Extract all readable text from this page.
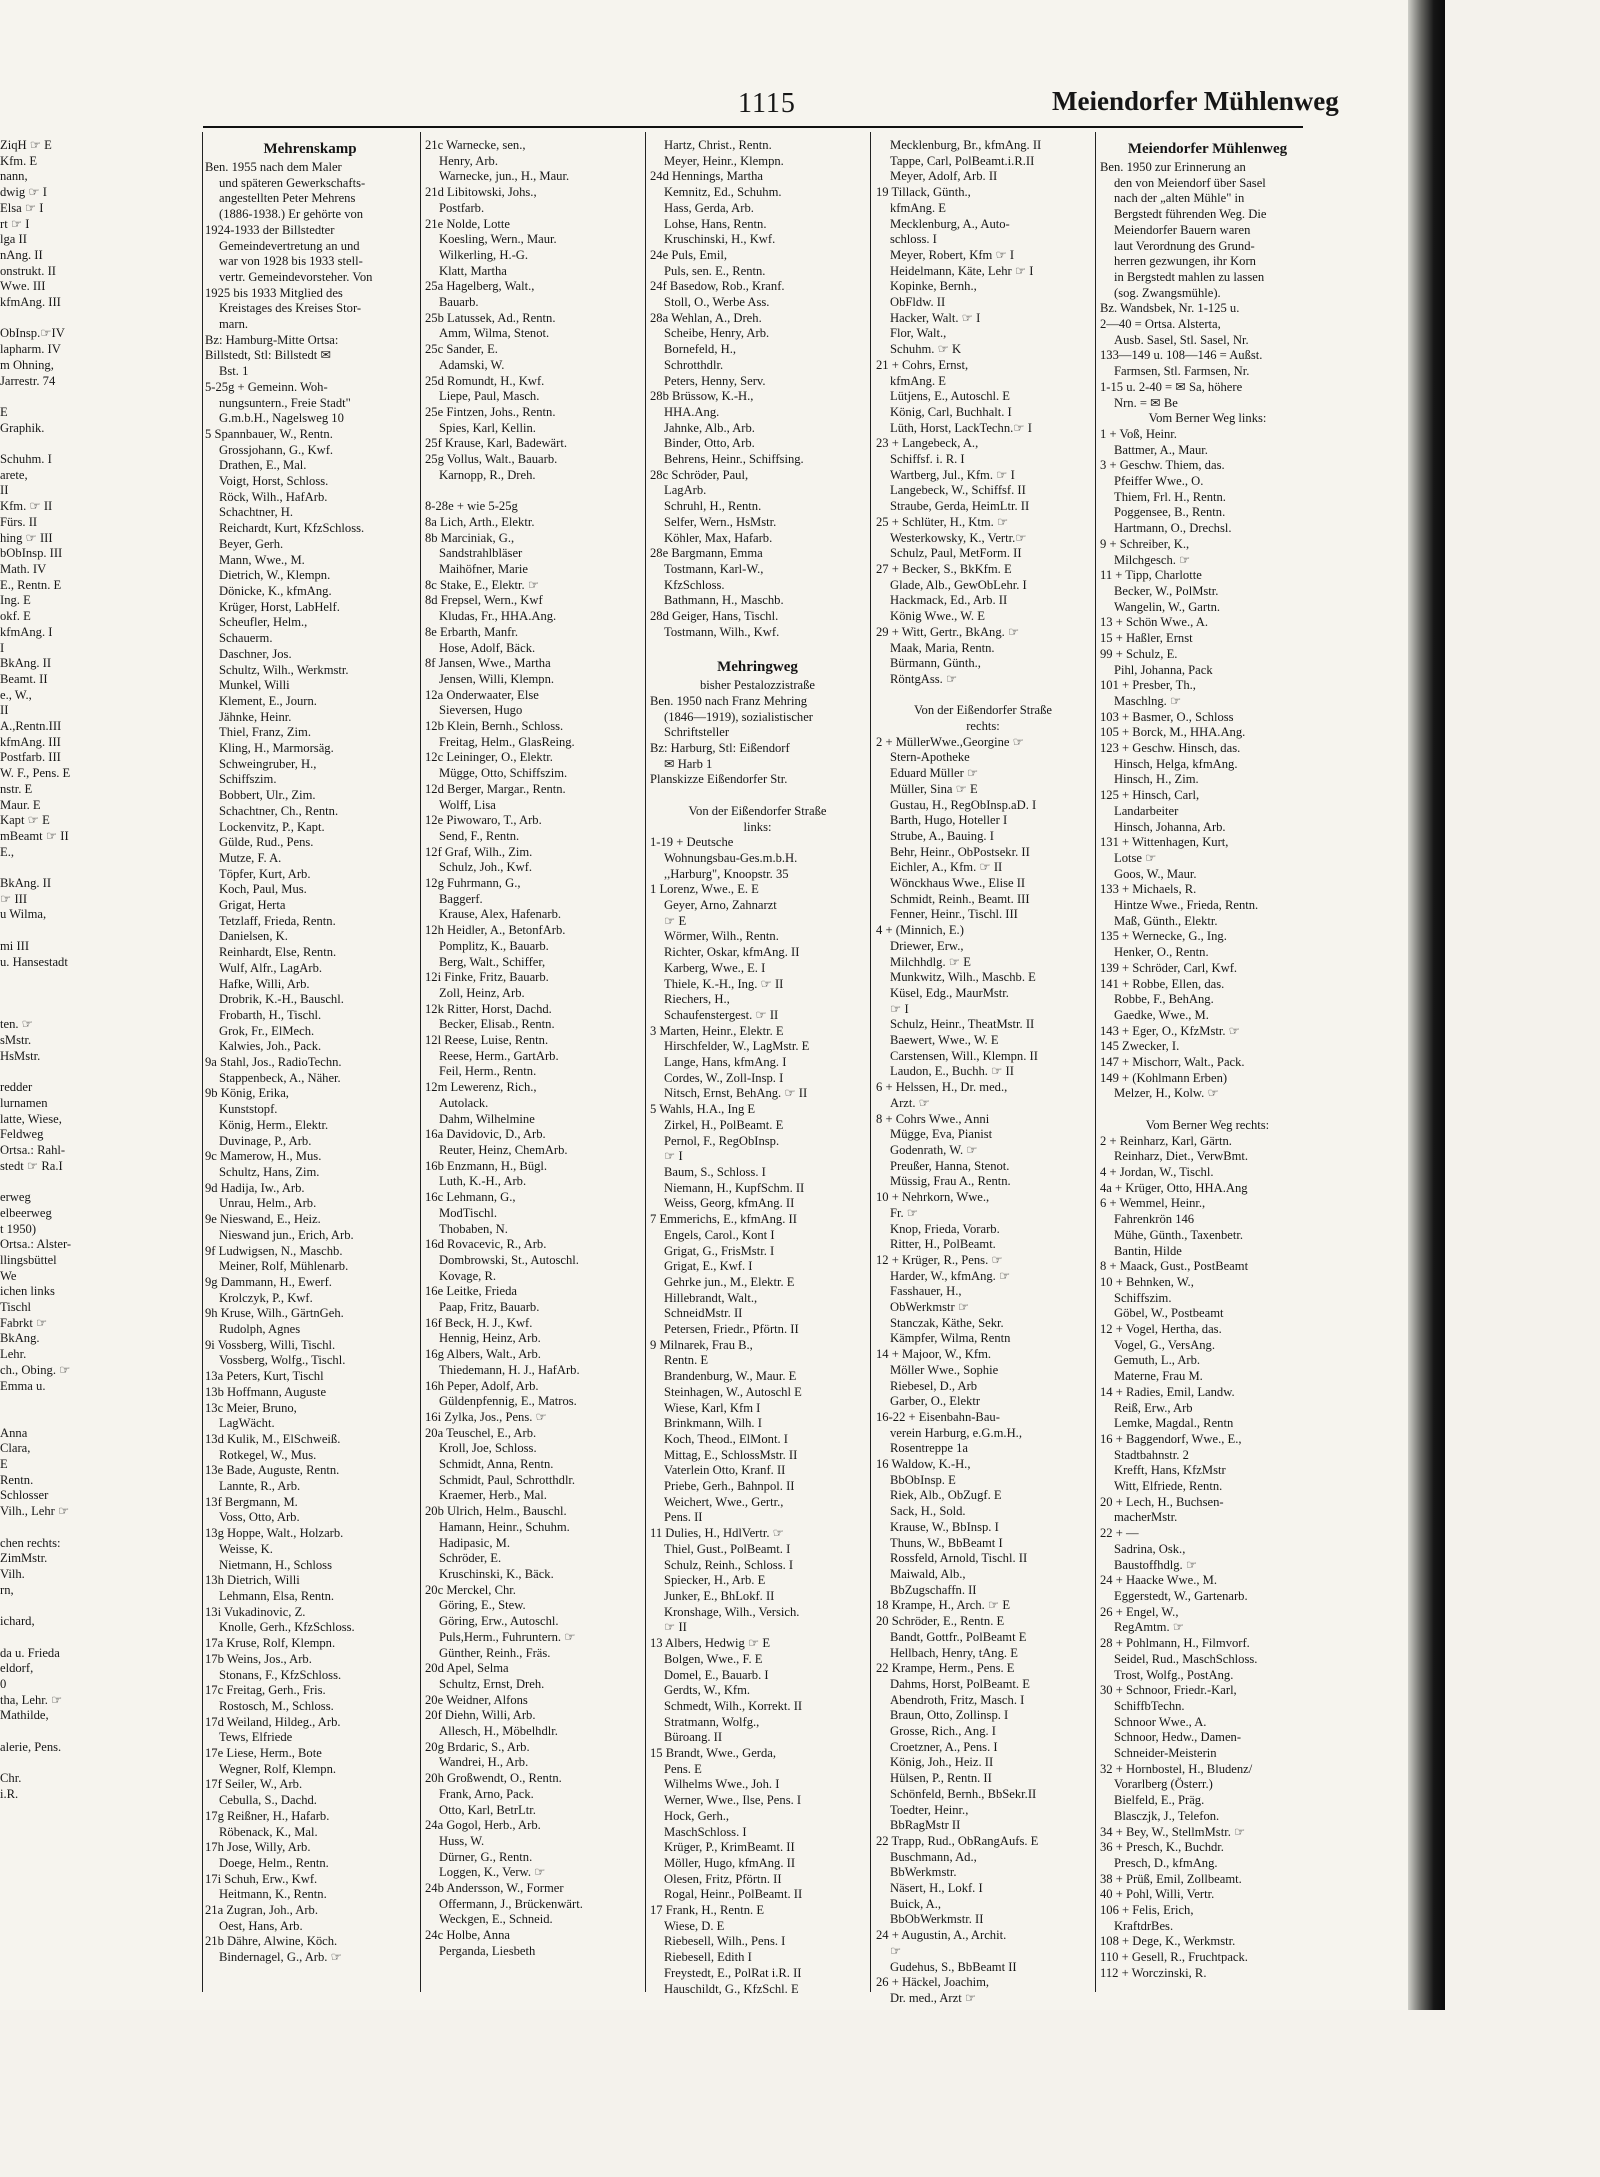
1115	Meiendorfer Mühlenweg
ZiqH ☞ E
Kfm. E
nann,
dwig ☞ I
Elsa ☞ I
rt ☞ I
lga II
nAng. II
onstrukt. II
Wwe. III
kfmAng. III

ObInsp.☞IV
lapharm. IV
m Ohning,
Jarrestr. 74

E
Graphik.

Schuhm. I
arete,
II
Kfm. ☞ II
Fürs. II
hing ☞ III
bObInsp. III
Math. IV
E., Rentn. E
Ing. E
okf. E
kfmAng. I
I
BkAng. II
Beamt. II
e., W.,
II
A.,Rentn.III
kfmAng. III
Postfarb. III
W. F., Pens. E
nstr. E
Maur. E
Kapt ☞ E
mBeamt ☞ II
E.,

BkAng. II
☞ III
u Wilma,

mi III
u. Hansestadt

ten. ☞
sMstr.
HsMstr.

redder
lurnamen
latte, Wiese,
Feldweg
Ortsa.: Rahl-
stedt ☞ Ra.I

erweg
elbeerweg
t 1950)
Ortsa.: Alster-
llingsbüttel
We
ichen links
Tischl
Fabrkt ☞
BkAng.
Lehr.
ch., Obing. ☞
Emma u.

Anna
Clara,
E
Rentn.
Schlosser
Vilh., Lehr ☞

chen rechts:
ZimMstr.
Vilh.
rn,

ichard,

da u. Frieda
eldorf,
0
tha, Lehr. ☞
Mathilde,

alerie, Pens.

Chr.
i.R.
Mehrenskamp
Ben. 1955 nach dem Maler
und späteren Gewerkschafts-
angestellten Peter Mehrens
(1886-1938.) Er gehörte von
1924-1933 der Billstedter
Gemeindevertretung an und
war von 1928 bis 1933 stell-
vertr. Gemeindevorsteher. Von
1925 bis 1933 Mitglied des
Kreistages des Kreises Stor-
marn.
Bz: Hamburg-Mitte Ortsa:
Billstedt, Stl: Billstedt ✉
Bst. 1
5-25g + Gemeinn. Woh-
nungsuntern., Freie Stadt"
G.m.b.H., Nagelsweg 10
5 Spannbauer, W., Rentn.
Grossjohann, G., Kwf.
Drathen, E., Mal.
Voigt, Horst, Schloss.
Röck, Wilh., HafArb.
Schachtner, H.
Reichardt, Kurt, KfzSchloss.
Beyer, Gerh.
Mann, Wwe., M.
Dietrich, W., Klempn.
Dönicke, K., kfmAng.
Krüger, Horst, LabHelf.
Scheufler, Helm.,
Schauerm.
Daschner, Jos.
Schultz, Wilh., Werkmstr.
Munkel, Willi
Klement, E., Journ.
Jähnke, Heinr.
Thiel, Franz, Zim.
Kling, H., Marmorsäg.
Schweingruber, H.,
Schiffszim.
Bobbert, Ulr., Zim.
Schachtner, Ch., Rentn.
Lockenvitz, P., Kapt.
Gülde, Rud., Pens.
Mutze, F. A.
Töpfer, Kurt, Arb.
Koch, Paul, Mus.
Grigat, Herta
Tetzlaff, Frieda, Rentn.
Danielsen, K.
Reinhardt, Else, Rentn.
Wulf, Alfr., LagArb.
Hafke, Willi, Arb.
Drobrik, K.-H., Bauschl.
Frobarth, H., Tischl.
Grok, Fr., ElMech.
Kalwies, Joh., Pack.
9a Stahl, Jos., RadioTechn.
Stappenbeck, A., Näher.
9b König, Erika,
Kunststopf.
König, Herm., Elektr.
Duvinage, P., Arb.
9c Mamerow, H., Mus.
Schultz, Hans, Zim.
9d Hadija, Iw., Arb.
Unrau, Helm., Arb.
9e Nieswand, E., Heiz.
Nieswand jun., Erich, Arb.
9f Ludwigsen, N., Maschb.
Meiner, Rolf, Mühlenarb.
9g Dammann, H., Ewerf.
Krolczyk, P., Kwf.
9h Kruse, Wilh., GärtnGeh.
Rudolph, Agnes
9i Vossberg, Willi, Tischl.
Vossberg, Wolfg., Tischl.
13a Peters, Kurt, Tischl
13b Hoffmann, Auguste
13c Meier, Bruno,
LagWächt.
13d Kulik, M., ElSchweiß.
Rotkegel, W., Mus.
13e Bade, Auguste, Rentn.
Lannte, R., Arb.
13f Bergmann, M.
Voss, Otto, Arb.
13g Hoppe, Walt., Holzarb.
Weisse, K.
Nietmann, H., Schloss
13h Dietrich, Willi
Lehmann, Elsa, Rentn.
13i Vukadinovic, Z.
Knolle, Gerh., KfzSchloss.
17a Kruse, Rolf, Klempn.
17b Weins, Jos., Arb.
Stonans, F., KfzSchloss.
17c Freitag, Gerh., Fris.
Rostosch, M., Schloss.
17d Weiland, Hildeg., Arb.
Tews, Elfriede
17e Liese, Herm., Bote
Wegner, Rolf, Klempn.
17f Seiler, W., Arb.
Cebulla, S., Dachd.
17g Reißner, H., Hafarb.
Röbenack, K., Mal.
17h Jose, Willy, Arb.
Doege, Helm., Rentn.
17i Schuh, Erw., Kwf.
Heitmann, K., Rentn.
21a Zugran, Joh., Arb.
Oest, Hans, Arb.
21b Dähre, Alwine, Köch.
Bindernagel, G., Arb. ☞
21c Warnecke, sen.,
Henry, Arb.
Warnecke, jun., H., Maur.
21d Libitowski, Johs.,
Postfarb.
21e Nolde, Lotte
Koesling, Wern., Maur.
Wilkerling, H.-G.
Klatt, Martha
25a Hagelberg, Walt.,
Bauarb.
25b Latussek, Ad., Rentn.
Amm, Wilma, Stenot.
25c Sander, E.
Adamski, W.
25d Romundt, H., Kwf.
Liepe, Paul, Masch.
25e Fintzen, Johs., Rentn.
Spies, Karl, Kellin.
25f Krause, Karl, Badewärt.
25g Vollus, Walt., Bauarb.
Karnopp, R., Dreh.

8-28e + wie 5-25g
8a Lich, Arth., Elektr.
8b Marciniak, G.,
Sandstrahlbläser
Maihöfner, Marie
8c Stake, E., Elektr. ☞
8d Frepsel, Wern., Kwf
Kludas, Fr., HHA.Ang.
8e Erbarth, Manfr.
Hose, Adolf, Bäck.
8f Jansen, Wwe., Martha
Jensen, Willi, Klempn.
12a Onderwaater, Else
Sieversen, Hugo
12b Klein, Bernh., Schloss.
Freitag, Helm., GlasReing.
12c Leininger, O., Elektr.
Mügge, Otto, Schiffszim.
12d Berger, Margar., Rentn.
Wolff, Lisa
12e Piwowaro, T., Arb.
Send, F., Rentn.
12f Graf, Wilh., Zim.
Schulz, Joh., Kwf.
12g Fuhrmann, G.,
Baggerf.
Krause, Alex, Hafenarb.
12h Heidler, A., BetonfArb.
Pomplitz, K., Bauarb.
Berg, Walt., Schiffer,
12i Finke, Fritz, Bauarb.
Zoll, Heinz, Arb.
12k Ritter, Horst, Dachd.
Becker, Elisab., Rentn.
12l Reese, Luise, Rentn.
Reese, Herm., GartArb.
Feil, Herm., Rentn.
12m Lewerenz, Rich.,
Autolack.
Dahm, Wilhelmine
16a Davidovic, D., Arb.
Reuter, Heinz, ChemArb.
16b Enzmann, H., Bügl.
Luth, K.-H., Arb.
16c Lehmann, G.,
ModTischl.
Thobaben, N.
16d Rovacevic, R., Arb.
Dombrowski, St., Autoschl.
Kovage, R.
16e Leitke, Frieda
Paap, Fritz, Bauarb.
16f Beck, H. J., Kwf.
Hennig, Heinz, Arb.
16g Albers, Walt., Arb.
Thiedemann, H. J., HafArb.
16h Peper, Adolf, Arb.
Güldenpfennig, E., Matros.
16i Zylka, Jos., Pens. ☞
20a Teuschel, E., Arb.
Kroll, Joe, Schloss.
Schmidt, Anna, Rentn.
Schmidt, Paul, Schrotthdlr.
Kraemer, Herb., Mal.
20b Ulrich, Helm., Bauschl.
Hamann, Heinr., Schuhm.
Hadipasic, M.
Schröder, E.
Kruschinski, K., Bäck.
20c Merckel, Chr.
Göring, E., Stew.
Göring, Erw., Autoschl.
Puls,Herm., Fuhruntern. ☞
Günther, Reinh., Fräs.
20d Apel, Selma
Schultz, Ernst, Dreh.
20e Weidner, Alfons
20f Diehn, Willi, Arb.
Allesch, H., Möbelhdlr.
20g Brdaric, S., Arb.
Wandrei, H., Arb.
20h Großwendt, O., Rentn.
Frank, Arno, Pack.
Otto, Karl, BetrLtr.
24a Gogol, Herb., Arb.
Huss, W.
Dürner, G., Rentn.
Loggen, K., Verw. ☞
24b Andersson, W., Former
Offermann, J., Brückenwärt.
Weckgen, E., Schneid.
24c Holbe, Anna
Perganda, Liesbeth
Hartz, Christ., Rentn.
Meyer, Heinr., Klempn.
24d Hennings, Martha
Kemnitz, Ed., Schuhm.
Hass, Gerda, Arb.
Lohse, Hans, Rentn.
Kruschinski, H., Kwf.
24e Puls, Emil,
Puls, sen. E., Rentn.
24f Basedow, Rob., Kranf.
Stoll, O., Werbe Ass.
28a Wehlan, A., Dreh.
Scheibe, Henry, Arb.
Bornefeld, H.,
Schrotthdlr.
Peters, Henny, Serv.
28b Brüssow, K.-H.,
HHA.Ang.
Jahnke, Alb., Arb.
Binder, Otto, Arb.
Behrens, Heinr., Schiffsing.
28c Schröder, Paul,
LagArb.
Schruhl, H., Rentn.
Selfer, Wern., HsMstr.
Köhler, Max, Hafarb.
28e Bargmann, Emma
Tostmann, Karl-W.,
KfzSchloss.
Bathmann, H., Maschb.
28d Geiger, Hans, Tischl.
Tostmann, Wilh., Kwf.

Mehringweg
bisher Pestalozzistraße
Ben. 1950 nach Franz Mehring
(1846—1919), sozialistischer
Schriftsteller
Bz: Harburg, Stl: Eißendorf
✉ Harb 1
Planskizze Eißendorfer Str.

Von der Eißendorfer Straße
links:
1-19 + Deutsche
Wohnungsbau-Ges.m.b.H.
,,Harburg", Knoopstr. 35
1 Lorenz, Wwe., E. E
Geyer, Arno, Zahnarzt
☞ E
Wörmer, Wilh., Rentn.
Richter, Oskar, kfmAng. II
Karberg, Wwe., E. I
Thiele, K.-H., Ing. ☞ II
Riechers, H.,
Schaufenstergest. ☞ II
3 Marten, Heinr., Elektr. E
Hirschfelder, W., LagMstr. E
Lange, Hans, kfmAng. I
Cordes, W., Zoll-Insp. I
Nitsch, Ernst, BehAng. ☞ II
5 Wahls, H.A., Ing E
Zirkel, H., PolBeamt. E
Pernol, F., RegObInsp.
☞ I
Baum, S., Schloss. I
Niemann, H., KupfSchm. II
Weiss, Georg, kfmAng. II
7 Emmerichs, E., kfmAng. II
Engels, Carol., Kont I
Grigat, G., FrisMstr. I
Grigat, E., Kwf. I
Gehrke jun., M., Elektr. E
Hillebrandt, Walt.,
SchneidMstr. II
Petersen, Friedr., Pförtn. II
9 Milnarek, Frau B.,
Rentn. E
Brandenburg, W., Maur. E
Steinhagen, W., Autoschl E
Wiese, Karl, Kfm I
Brinkmann, Wilh. I
Koch, Theod., ElMont. I
Mittag, E., SchlossMstr. II
Vaterlein Otto, Kranf. II
Priebe, Gerh., Bahnpol. II
Weichert, Wwe., Gertr.,
Pens. II
11 Dulies, H., HdlVertr. ☞
Thiel, Gust., PolBeamt. I
Schulz, Reinh., Schloss. I
Spiecker, H., Arb. E
Junker, E., BhLokf. II
Kronshage, Wilh., Versich.
☞ II
13 Albers, Hedwig ☞ E
Bolgen, Wwe., F. E
Domel, E., Bauarb. I
Gerdts, W., Kfm.
Schmedt, Wilh., Korrekt. II
Stratmann, Wolfg.,
Büroang. II
15 Brandt, Wwe., Gerda,
Pens. E
Wilhelms Wwe., Joh. I
Werner, Wwe., Ilse, Pens. I
Hock, Gerh.,
MaschSchloss. I
Krüger, P., KrimBeamt. II
Möller, Hugo, kfmAng. II
Olesen, Fritz, Pförtn. II
Rogal, Heinr., PolBeamt. II
17 Frank, H., Rentn. E
Wiese, D. E
Riebesell, Wilh., Pens. I
Riebesell, Edith I
Freystedt, E., PolRat i.R. II
Hauschildt, G., KfzSchl. E
Mecklenburg, Br., kfmAng. II
Tappe, Carl, PolBeamt.i.R.II
Meyer, Adolf, Arb. II
19 Tillack, Günth.,
kfmAng. E
Mecklenburg, A., Auto-
schloss. I
Meyer, Robert, Kfm ☞ I
Heidelmann, Käte, Lehr ☞ I
Kopinke, Bernh.,
ObFldw. II
Hacker, Walt. ☞ I
Flor, Walt.,
Schuhm. ☞ K
21 + Cohrs, Ernst,
kfmAng. E
Lütjens, E., Autoschl. E
König, Carl, Buchhalt. I
Lüth, Horst, LackTechn.☞ I
23 + Langebeck, A.,
Schiffsf. i. R. I
Wartberg, Jul., Kfm. ☞ I
Langebeck, W., Schiffsf. II
Straube, Gerda, HeimLtr. II
25 + Schlüter, H., Ktm. ☞
Westerkowsky, K., Vertr.☞
Schulz, Paul, MetForm. II
27 + Becker, S., BkKfm. E
Glade, Alb., GewObLehr. I
Hackmack, Ed., Arb. II
König Wwe., W. E
29 + Witt, Gertr., BkAng. ☞
Maak, Maria, Rentn.
Bürmann, Günth.,
RöntgAss. ☞

Von der Eißendorfer Straße
rechts:
2 + MüllerWwe.,Georgine ☞
Stern-Apotheke
Eduard Müller ☞
Müller, Sina ☞ E
Gustau, H., RegObInsp.aD. I
Barth, Hugo, Hoteller I
Strube, A., Bauing. I
Behr, Heinr., ObPostsekr. II
Eichler, A., Kfm. ☞ II
Wönckhaus Wwe., Elise II
Schmidt, Reinh., Beamt. III
Fenner, Heinr., Tischl. III
4 + (Minnich, E.)
Driewer, Erw.,
Milchhdlg. ☞ E
Munkwitz, Wilh., Maschb. E
Küsel, Edg., MaurMstr.
☞ I
Schulz, Heinr., TheatMstr. II
Baewert, Wwe., W. E
Carstensen, Will., Klempn. II
Laudon, E., Buchh. ☞ II
6 + Helssen, H., Dr. med.,
Arzt. ☞
8 + Cohrs Wwe., Anni
Mügge, Eva, Pianist
Godenrath, W. ☞
Preußer, Hanna, Stenot.
Müssig, Frau A., Rentn.
10 + Nehrkorn, Wwe.,
Fr. ☞
Knop, Frieda, Vorarb.
Ritter, H., PolBeamt.
12 + Krüger, R., Pens. ☞
Harder, W., kfmAng. ☞
Fasshauer, H.,
ObWerkmstr ☞
Stanczak, Käthe, Sekr.
Kämpfer, Wilma, Rentn
14 + Majoor, W., Kfm.
Möller Wwe., Sophie
Riebesel, D., Arb
Garber, O., Elektr
16-22 + Eisenbahn-Bau-
verein Harburg, e.G.m.H.,
Rosentreppe 1a
16 Waldow, K.-H.,
BbObInsp. E
Riek, Alb., ObZugf. E
Sack, H., Sold.
Krause, W., BbInsp. I
Thuns, W., BbBeamt I
Rossfeld, Arnold, Tischl. II
Maiwald, Alb.,
BbZugschaffn. II
18 Krampe, H., Arch. ☞ E
20 Schröder, E., Rentn. E
Bandt, Gottfr., PolBeamt E
Hellbach, Henry, tAng. E
22 Krampe, Herm., Pens. E
Dahms, Horst, PolBeamt. E
Abendroth, Fritz, Masch. I
Braun, Otto, Zollinsp. I
Grosse, Rich., Ang. I
Croetzner, A., Pens. I
König, Joh., Heiz. II
Hülsen, P., Rentn. II
Schönfeld, Bernh., BbSekr.II
Toedter, Heinr.,
BbRagMstr II
22 Trapp, Rud., ObRangAufs. E
Buschmann, Ad.,
BbWerkmstr.
Näsert, H., Lokf. I
Buick, A.,
BbObWerkmstr. II
24 + Augustin, A., Archit.
☞
Gudehus, S., BbBeamt II
26 + Häckel, Joachim,
Dr. med., Arzt ☞
Meiendorfer Mühlenweg
Ben. 1950 zur Erinnerung an
den von Meiendorf über Sasel
nach der „alten Mühle" in
Bergstedt führenden Weg. Die
Meiendorfer Bauern waren
laut Verordnung des Grund-
herren gezwungen, ihr Korn
in Bergstedt mahlen zu lassen
(sog. Zwangsmühle).
Bz. Wandsbek, Nr. 1-125 u.
2—40 = Ortsa. Alsterta,
Ausb. Sasel, Stl. Sasel, Nr.
133—149 u. 108—146 = Außst.
Farmsen, Stl. Farmsen, Nr.
1-15 u. 2-40 = ✉ Sa, höhere
Nrn. = ✉ Be
Vom Berner Weg links:
1 + Voß, Heinr.
Battmer, A., Maur.
3 + Geschw. Thiem, das.
Pfeiffer Wwe., O.
Thiem, Frl. H., Rentn.
Poggensee, B., Rentn.
Hartmann, O., Drechsl.
9 + Schreiber, K.,
Milchgesch. ☞
11 + Tipp, Charlotte
Becker, W., PolMstr.
Wangelin, W., Gartn.
13 + Schön Wwe., A.
15 + Haßler, Ernst
99 + Schulz, E.
Pihl, Johanna, Pack
101 + Presber, Th.,
Maschlng. ☞
103 + Basmer, O., Schloss
105 + Borck, M., HHA.Ang.
123 + Geschw. Hinsch, das.
Hinsch, Helga, kfmAng.
Hinsch, H., Zim.
125 + Hinsch, Carl,
Landarbeiter
Hinsch, Johanna, Arb.
131 + Wittenhagen, Kurt,
Lotse ☞
Goos, W., Maur.
133 + Michaels, R.
Hintze Wwe., Frieda, Rentn.
Maß, Günth., Elektr.
135 + Wernecke, G., Ing.
Henker, O., Rentn.
139 + Schröder, Carl, Kwf.
141 + Robbe, Ellen, das.
Robbe, F., BehAng.
Gaedke, Wwe., M.
143 + Eger, O., KfzMstr. ☞
145 Zwecker, I.
147 + Mischorr, Walt., Pack.
149 + (Kohlmann Erben)
Melzer, H., Kolw. ☞

Vom Berner Weg rechts:
2 + Reinharz, Karl, Gärtn.
Reinharz, Diet., VerwBmt.
4 + Jordan, W., Tischl.
4a + Krüger, Otto, HHA.Ang
6 + Wemmel, Heinr.,
Fahrenkrön 146
Mühe, Günth., Taxenbetr.
Bantin, Hilde
8 + Maack, Gust., PostBeamt
10 + Behnken, W.,
Schiffszim.
Göbel, W., Postbeamt
12 + Vogel, Hertha, das.
Vogel, G., VersAng.
Gemuth, L., Arb.
Materne, Frau M.
14 + Radies, Emil, Landw.
Reiß, Erw., Arb
Lemke, Magdal., Rentn
16 + Baggendorf, Wwe., E.,
Stadtbahnstr. 2
Krefft, Hans, KfzMstr
Witt, Elfriede, Rentn.
20 + Lech, H., Buchsen-
macherMstr.
22 + —
Sadrina, Osk.,
Baustoffhdlg. ☞
24 + Haacke Wwe., M.
Eggerstedt, W., Gartenarb.
26 + Engel, W.,
RegAmtm. ☞
28 + Pohlmann, H., Filmvorf.
Seidel, Rud., MaschSchloss.
Trost, Wolfg., PostAng.
30 + Schnoor, Friedr.-Karl,
SchiffbTechn.
Schnoor Wwe., A.
Schnoor, Hedw., Damen-
Schneider-Meisterin
32 + Hornbostel, H., Bludenz/
Vorarlberg (Österr.)
Bielfeld, E., Präg.
Blasczjk, J., Telefon.
34 + Bey, W., StellmMstr. ☞
36 + Presch, K., Buchdr.
Presch, D., kfmAng.
38 + Prüß, Emil, Zollbeamt.
40 + Pohl, Willi, Vertr.
106 + Felis, Erich,
KraftdrBes.
108 + Dege, K., Werkmstr.
110 + Gesell, R., Fruchtpack.
112 + Worczinski, R.
